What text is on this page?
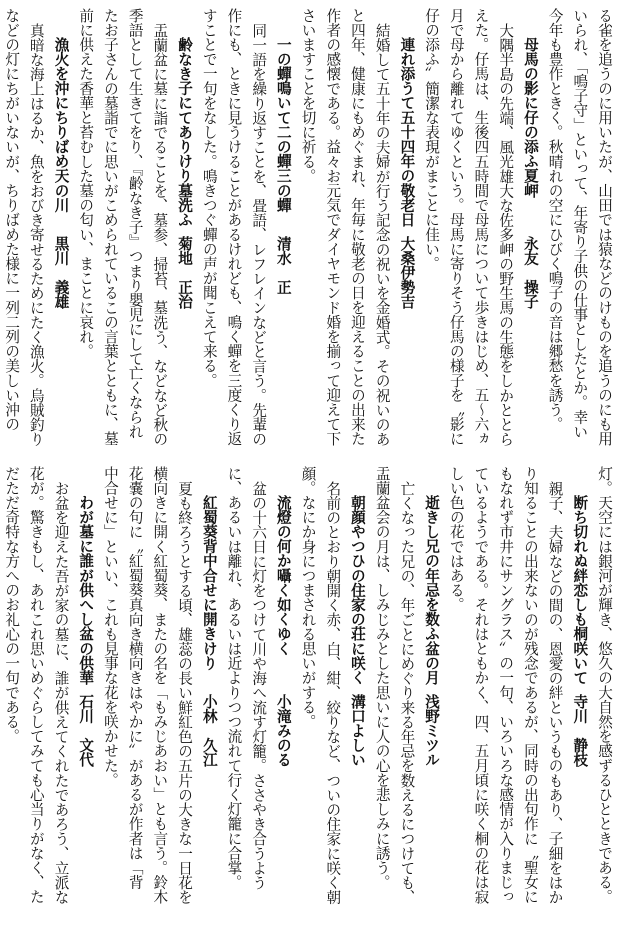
る雀を追うのに用いたが、山田では猿などのけものを追うのにも用
いられ、「鳴子守」といって、年寄り子供の仕事としたとか。幸い
今年も豊作ときく。秋晴れの空にひびく鳴子の音は郷愁を誘う。
母馬の影に仔の添ふ夏岬
永友　操子
大隅半島の先端、風光雄大な佐多岬の野生馬の生態をしかととら
えた。仔馬は、生後四五時間で母馬について歩きはじめ、五〜六ヵ
月で母から離れてゆくという。母馬に寄りそう仔馬の様子を〝影に
仔の添ふ〟簡潔な表現がまことに佳い。
連れ添うて五十四年の敬老日
大桑伊勢吉
結婚して五十年の夫婦が行う記念の祝いを金婚式。その祝いのあ
と四年、健康にもめぐまれ、年毎に敬老の日を迎えることの出来た
作者の感懐である。益々お元気でダイヤモンド婚を揃って迎えて下
さいますことを切に祈る。
一の蟬鳴いて二の蟬三の蟬
清水　正
同一語を繰り返すことを、畳語、レフレインなどと言う。先輩の
作にも、ときに見うけることがあるけれども、鳴く蟬を三度くり返
すことで一句をなした。鳴きつぐ蟬の声が聞こえて来る。
齢なき子にてありけり墓洗ふ
菊地　正治
盂蘭盆に墓に詣でることを、墓参、掃苔、墓洗う、などなど秋の
季語として生きてをり、『齢なき子』つまり嬰児にして亡くなられ
たお子さんの墓詣でに思いがこめられているこの言葉とともに、墓
前に供えた香華と苔むした墓の匂い、まことに哀れ。
漁火を沖にちりばめ天の川
黒川　義雄
真暗な海上はるか、魚をおびき寄せるためにたく漁火。烏賊釣り
などの灯にちがいないが、ちりばめた様に一列二列の美しい沖の
灯。天空には銀河が輝き、悠久の大自然を感ずるひとときである。
断ち切れぬ絆恋しも桐咲いて
寺川　静枝
親子、夫婦などの間の、恩愛の絆というものもあり、子細をはか
り知ることの出来ないのが残念であるが、同時の出句作に〝聖女に
もなれず市井にサングラス〟の一句、いろいろな感情が入りまじっ
ているようである。それはともかく、四、五月頃に咲く桐の花は寂
しい色の花ではある。
逝きし兄の年忌を数ふ盆の月
浅野ミツル
亡くなった兄の、年ごとにめぐり来る年忌を数えるにつけても、
盂蘭盆会の月は、しみじみとした思いに人の心を悲しみに誘う。
朝顔やつひの住家の荘に咲く
溝口よしい
名前のとおり朝開く赤、白、紺、絞りなど、ついの住家に咲く朝
顔。なにか身につまされる思いがする。
流燈の何か囁く如くゆく
小滝みのる
盆の十六日に灯をつけて川や海へ流す灯籠。ささやき合うよう
に、あるいは離れ、あるいは近よりつつ流れて行く灯籠に合掌。
紅蜀葵背中合せに開きけり
小林　久江
夏も終ろうとする頃、雄蕊の長い鮮紅色の五片の大きな一日花を
横向きに開く紅蜀葵、またの名を「もみじあおい」とも言う。鈴木
花嚢の句に〝紅蜀葵真向き横向きはやかに〟があるが作者は「背
中合せに」といい、これも見事な花を咲かせた。
わが墓に誰が供へし盆の供華
石川　文代
お盆を迎えた吾が家の墓に、誰が供えてくれたであろう、立派な
花が。驚きもし、あれこれ思いめぐらしてみても心当りがなく、た
だただ奇特な方へのお礼心の一句である。
